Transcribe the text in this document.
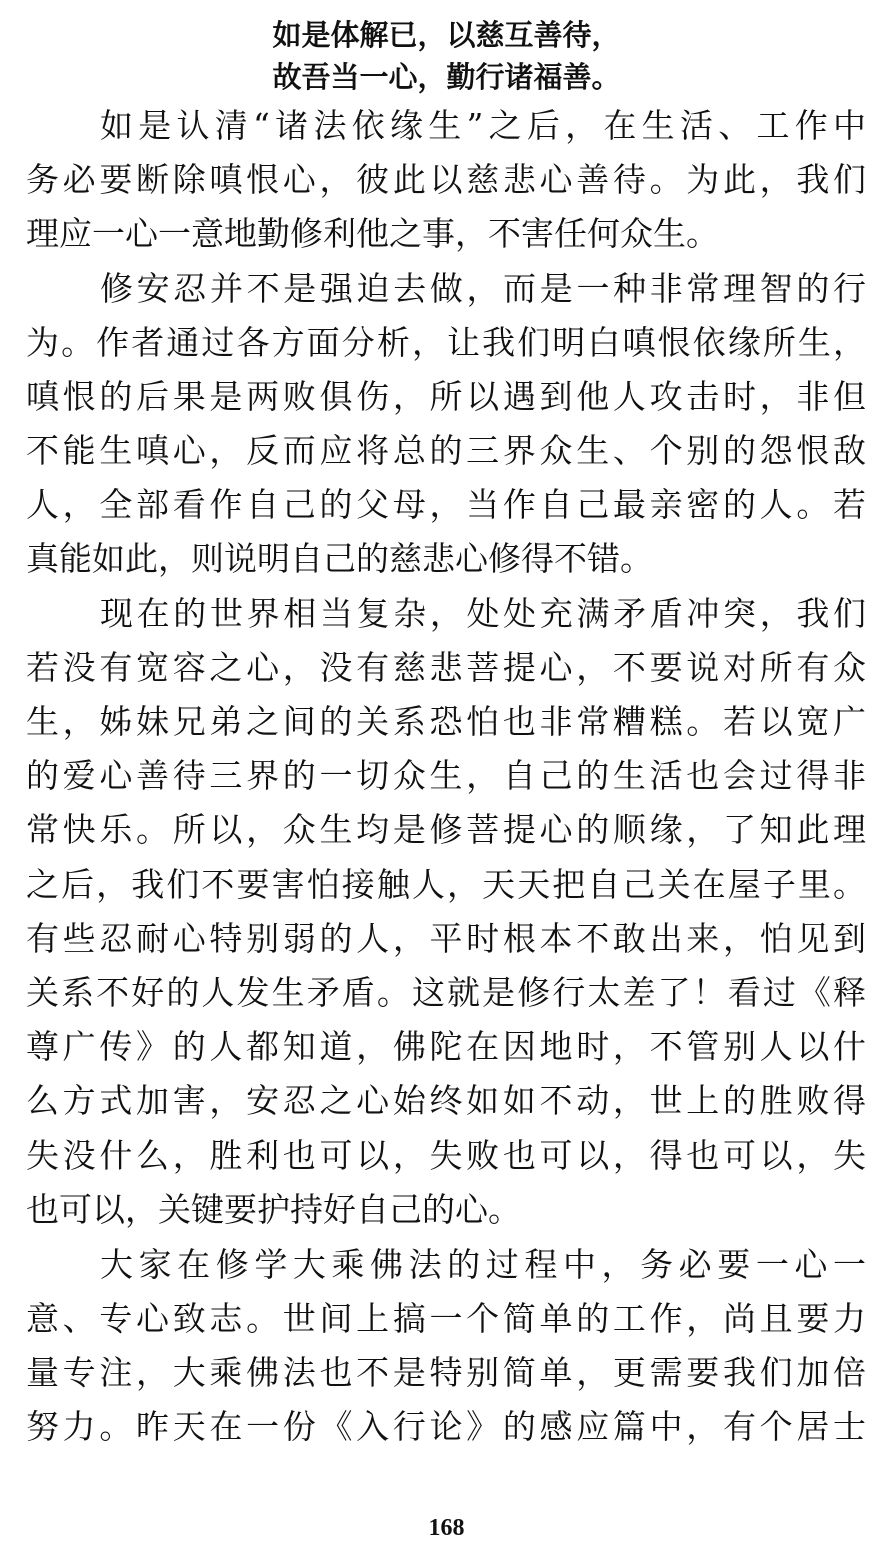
如是体解已，以慈互善待，
故吾当一心，勤行诸福善。
如是认清“诸法依缘生”之后，在生活、工作中
务必要断除嗔恨心，彼此以慈悲心善待。为此，我们
理应一心一意地勤修利他之事，不害任何众生。
修安忍并不是强迫去做，而是一种非常理智的行
为。作者通过各方面分析，让我们明白嗔恨依缘所生，
嗔恨的后果是两败俱伤，所以遇到他人攻击时，非但
不能生嗔心，反而应将总的三界众生、个别的怨恨敌
人，全部看作自己的父母，当作自己最亲密的人。若
真能如此，则说明自己的慈悲心修得不错。
现在的世界相当复杂，处处充满矛盾冲突，我们
若没有宽容之心，没有慈悲菩提心，不要说对所有众
生，姊妹兄弟之间的关系恐怕也非常糟糕。若以宽广
的爱心善待三界的一切众生，自己的生活也会过得非
常快乐。所以，众生均是修菩提心的顺缘，了知此理
之后，我们不要害怕接触人，天天把自己关在屋子里。
有些忍耐心特别弱的人，平时根本不敢出来，怕见到
关系不好的人发生矛盾。这就是修行太差了！看过《释
尊广传》的人都知道，佛陀在因地时，不管别人以什
么方式加害，安忍之心始终如如不动，世上的胜败得
失没什么，胜利也可以，失败也可以，得也可以，失
也可以，关键要护持好自己的心。
大家在修学大乘佛法的过程中，务必要一心一
意、专心致志。世间上搞一个简单的工作，尚且要力
量专注，大乘佛法也不是特别简单，更需要我们加倍
努力。昨天在一份《入行论》的感应篇中，有个居士
168
